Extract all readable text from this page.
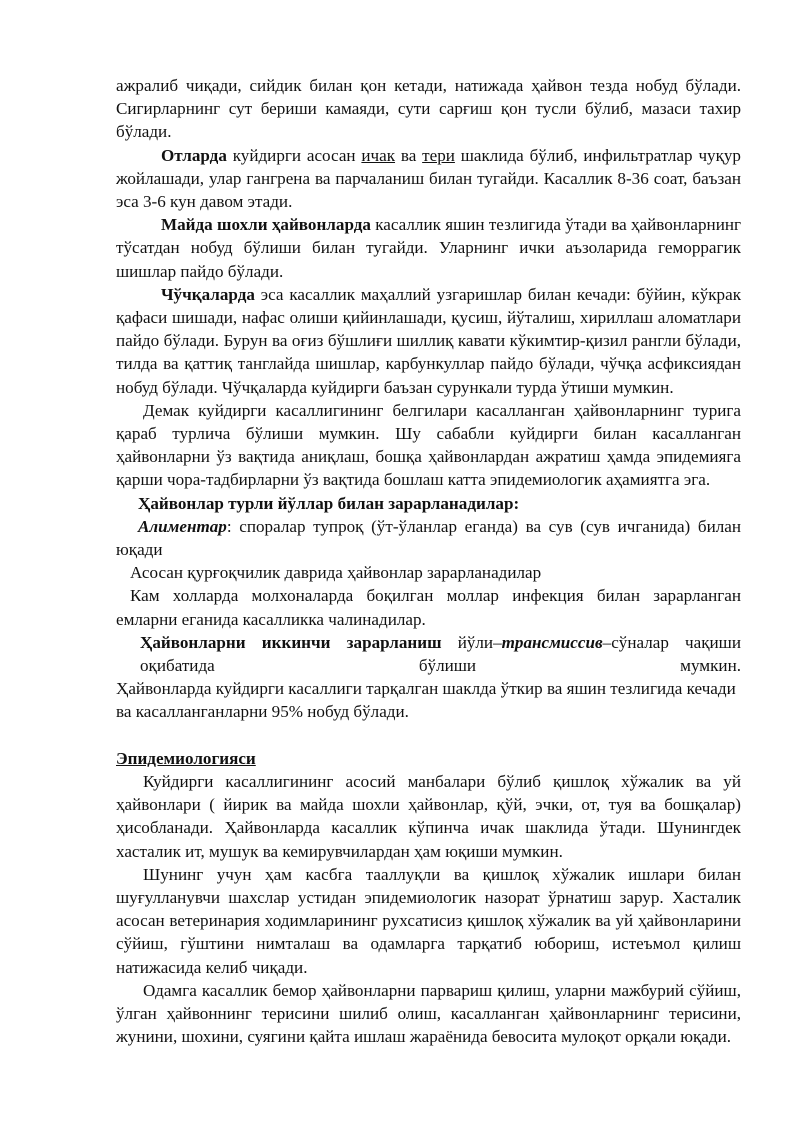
ажралиб чиқади, сийдик билан қон кетади, натижада ҳайвон тезда нобуд бўлади. Сигирларнинг сут бериши камаяди, сути сарғиш қон тусли бўлиб, мазаси тахир бўлади.

Отларда куйдирги асосан ичак ва тери шаклида бўлиб, инфильтратлар чуқур жойлашади, улар гангрена ва парчаланиш билан тугайди. Касаллик 8-36 соат, баъзан эса 3-6 кун давом этади.

Майда шохли ҳайвонларда касаллик яшин тезлигида ўтади ва ҳайвонларнинг тўсатдан нобуд бўлиши билан тугайди. Уларнинг ички аъзоларида геморрагик шишлар пайдо бўлади.

Чўчқаларда эса касаллик маҳаллий узгаришлар билан кечади: бўйин, кўкрак қафаси шишади, нафас олиши қийинлашади, қусиш, йўталиш, хириллаш аломатлари пайдо бўлади. Бурун ва оғиз бўшлиғи шиллиқ кавати кўкимтир-қизил рангли бўлади, тилда ва қаттиқ танглайда шишлар, карбункуллар пайдо бўлади, чўчқа асфиксиядан нобуд бўлади. Чўчқаларда куйдирги баъзан сурункали турда ўтиши мумкин.

Демак куйдирги касаллигининг белгилари касалланган ҳайвонларнинг турига қараб турлича бўлиши мумкин. Шу сабабли куйдирги билан касалланган ҳайвонларни ўз вақтида аниқлаш, бошқа ҳайвонлардан ажратиш ҳамда эпидемияга қарши чора-тадбирларни ўз вақтида бошлаш катта эпидемиологик аҳамиятга эга.

Ҳайвонлар турли йўллар билан зарарланадилар:

Алиментар: споралар тупроқ (ўт-ўланлар еганда) ва сув (сув ичганида) билан юқади

Асосан қурғоқчилик даврида ҳайвонлар зарарланадилар

Кам холларда молхоналарда боқилган моллар инфекция билан зарарланган емларни еганида касалликка чалинадилар.

Ҳайвонларни иккинчи зарарланиш йўли–трансмиссив–сўналар чақиши оқибатида бўлиши мумкин.

Ҳайвонларда куйдирги касаллиги тарқалган шаклда ўткир ва яшин тезлигида кечади ва касалланганларни 95% нобуд бўлади.

Эпидемиологияси

Куйдирги касаллигининг асосий манбалари бўлиб қишлоқ хўжалик ва уй ҳайвонлари ( йирик ва майда шохли ҳайвонлар, қўй, эчки, от, туя ва бошқалар) ҳисобланади. Ҳайвонларда касаллик кўпинча ичак шаклида ўтади. Шунингдек хасталик ит, мушук ва кемирувчилардан ҳам юқиши мумкин.

Шунинг учун ҳам касбга тааллуқли ва қишлоқ хўжалик ишлари билан шуғулланувчи шахслар устидан эпидемиологик назорат ўрнатиш зарур. Хасталик асосан ветеринария ходимларининг рухсатисиз қишлоқ хўжалик ва уй ҳайвонларини сўйиш, гўштини нимталаш ва одамларга тарқатиб юбориш, истеъмол қилиш натижасида келиб чиқади.

Одамга касаллик бемор ҳайвонларни парвариш қилиш, уларни мажбурий сўйиш, ўлган ҳайвоннинг терисини шилиб олиш, касалланган ҳайвонларнинг терисини, жунини, шохини, суягини қайта ишлаш жараёнида бевосита мулоқот орқали юқади.
